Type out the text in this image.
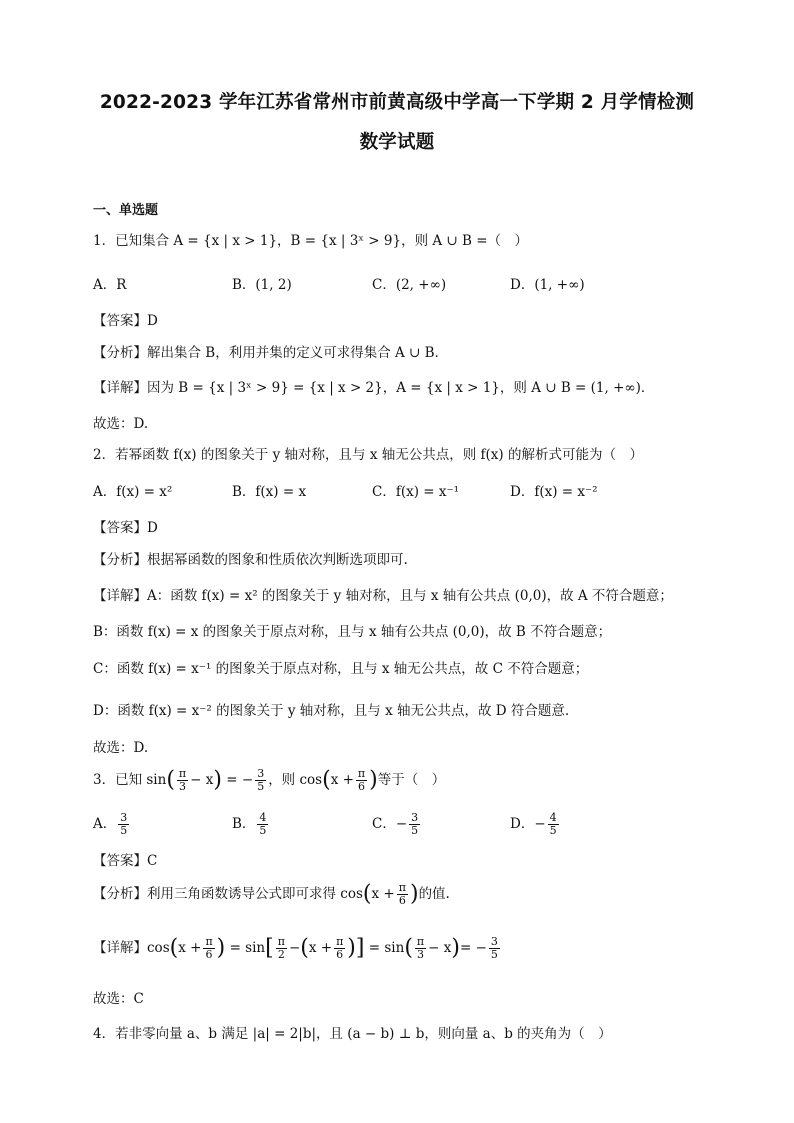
2022-2023 学年江苏省常州市前黄高级中学高一下学期 2 月学情检测
数学试题
一、单选题
1．已知集合 A = {x | x > 1}，B = {x | 3ˣ > 9}，则 A ∪ B =（　）
A．R	B．(1, 2)	C．(2, +∞)	D．(1, +∞)
【答案】D
【分析】解出集合 B，利用并集的定义可求得集合 A ∪ B．
【详解】因为 B = {x | 3ˣ > 9} = {x | x > 2}，A = {x | x > 1}，则 A ∪ B = (1, +∞)．
故选：D.
2．若幂函数 f(x) 的图象关于 y 轴对称，且与 x 轴无公共点，则 f(x) 的解析式可能为（　）
A．f(x) = x²	B．f(x) = x	C．f(x) = x⁻¹	D．f(x) = x⁻²
【答案】D
【分析】根据幂函数的图象和性质依次判断选项即可.
【详解】A：函数 f(x) = x² 的图象关于 y 轴对称，且与 x 轴有公共点 (0,0)，故 A 不符合题意；
B：函数 f(x) = x 的图象关于原点对称，且与 x 轴有公共点 (0,0)，故 B 不符合题意；
C：函数 f(x) = x⁻¹ 的图象关于原点对称，且与 x 轴无公共点，故 C 不符合题意；
D：函数 f(x) = x⁻² 的图象关于 y 轴对称，且与 x 轴无公共点，故 D 符合题意.
故选：D.
3．已知 $\sin( \frac{\pi}{3} - x)$ = − $\frac{3}{5}$ ，则 $\cos(x + \frac{\pi}{6}$ )等于（　）
A． $\frac{3}{5}$	B． $\frac{4}{5}$	C．− $\frac{3}{5}$	D．− $\frac{4}{5}$
【答案】C
【分析】利用三角函数诱导公式即可求得 $\cos(x + \frac{\pi}{6}$ )的值.
【详解】$\cos(x + \frac{\pi}{6}$ ) = $\sin[ \frac{\pi}{2} -(x + \frac{\pi}{6}$ )] = $\sin( \frac{\pi}{3} - x)= - \frac{3}{5}$
故选：C
4．若非零向量 a、b 满足 |a| = 2|b|，且 (a − b) ⊥ b，则向量 a、b 的夹角为（　）
